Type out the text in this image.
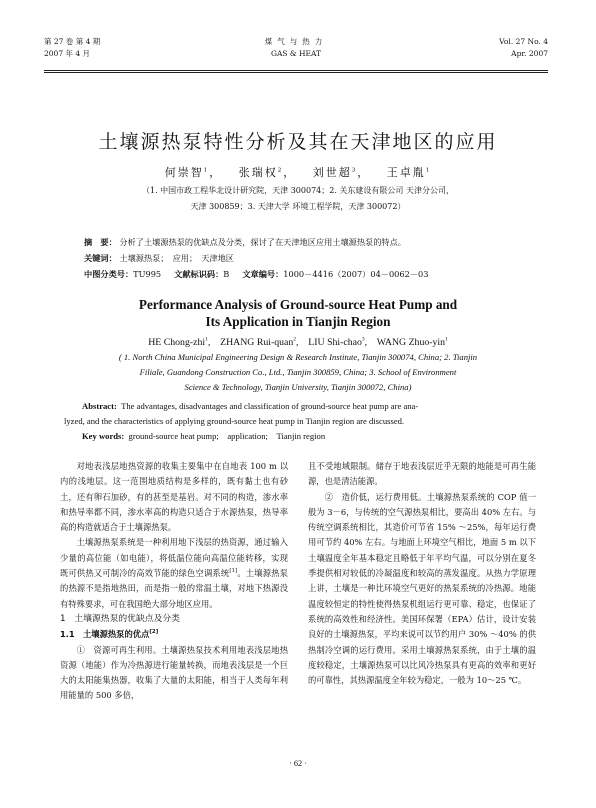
第 27 卷 第 4 期
2007 年 4 月
煤气与热力
GAS & HEAT
Vol. 27 No. 4
Apr. 2007
土壤源热泵特性分析及其在天津地区的应用
何崇智$^1$，   张瑞权$^2$，   刘世超$^3$，   王卓胤$^1$
（1. 中国市政工程华北设计研究院，天津 300074；2. 关东建设有限公司 天津分公司，
天津 300859；3. 天津大学 环境工程学院，天津 300072）
摘　要： 分析了土壤源热泵的优缺点及分类，探讨了在天津地区应用土壤源热泵的特点。
关键词： 土壤源热泵；　应用；　天津地区
中图分类号：TU995 文献标识码：B 文章编号：1000－4416（2007）04－0062－03
Performance Analysis of Ground-source Heat Pump and
Its Application in Tianjin Region
HE Chong-zhi$^1$,    ZHANG Rui-quan$^2$,    LIU Shi-chao$^3$,    WANG Zhuo-yin$^1$
( 1. North China Municipal Engineering Design & Research Institute, Tianjin 300074, China; 2. Tianjin
Filiale, Guandong Construction Co., Ltd., Tianjin 300859, China; 3. School of Environment
Science & Technology, Tianjin University, Tianjin 300072, China)
Abstract: The advantages, disadvantages and classification of ground-source heat pump are ana-
lyzed, and the characteristics of applying ground-source heat pump in Tianjin region are discussed.
Key words: ground-source heat pump;　application;　Tianjin region

对地表浅层地热资源的收集主要集中在自地表 100 m 以内的浅地层。这一范围地质结构是多样的，既有黏土也有砂土，还有卵石加砂，有的甚至是基岩。对不同的构造，渗水率和热导率都不同，渗水率高的构造只适合于水源热泵，热导率高的构造就适合于土壤源热泵。

土壤源热泵系统是一种利用地下浅层的热资源，通过输入少量的高位能（如电能），将低温位能向高温位能转移，实现既可供热又可制冷的高效节能的绿色空调系统[1]。土壤源热泵的热源不是指地热田，而是指一般的常温土壤，对地下热源没有特殊要求，可在我国绝大部分地区应用。

1　土壤源热泵的优缺点及分类
1.1　土壤源热泵的优点[2]

①　资源可再生利用。土壤源热泵技术利用地表浅层地热资源（地能）作为冷热源进行能量转换，而地表浅层是一个巨大的太阳能集热器，收集了大量的太阳能，相当于人类每年利用能量的 500 多倍，

且不受地域限制。储存于地表浅层近乎无限的地能是可再生能源，也是清洁能源。

②　造价低，运行费用低。土壤源热泵系统的 COP 值一般为 3－6，与传统的空气源热泵相比，要高出 40% 左右。与传统空调系统相比，其造价可节省 15% ～25%，每年运行费用可节约 40% 左右。与地面上环境空气相比，地面 5 m 以下土壤温度全年基本稳定且略低于年平均气温，可以分别在夏冬季提供相对较低的冷凝温度和较高的蒸发温度。从热力学原理上讲，土壤是一种比环境空气更好的热泵系统的冷热源。地能温度较恒定的特性使得热泵机组运行更可靠、稳定，也保证了系统的高效性和经济性。美国环保署（EPA）估计，设计安装良好的土壤源热泵，平均来说可以节约用户 30% ～40% 的供热制冷空调的运行费用。采用土壤源热泵系统，由于土壤的温度较稳定，土壤源热泵可以比风冷热泵具有更高的效率和更好的可靠性，其热源温度全年较为稳定，一般为 10～25 ℃。

· 62 ·
